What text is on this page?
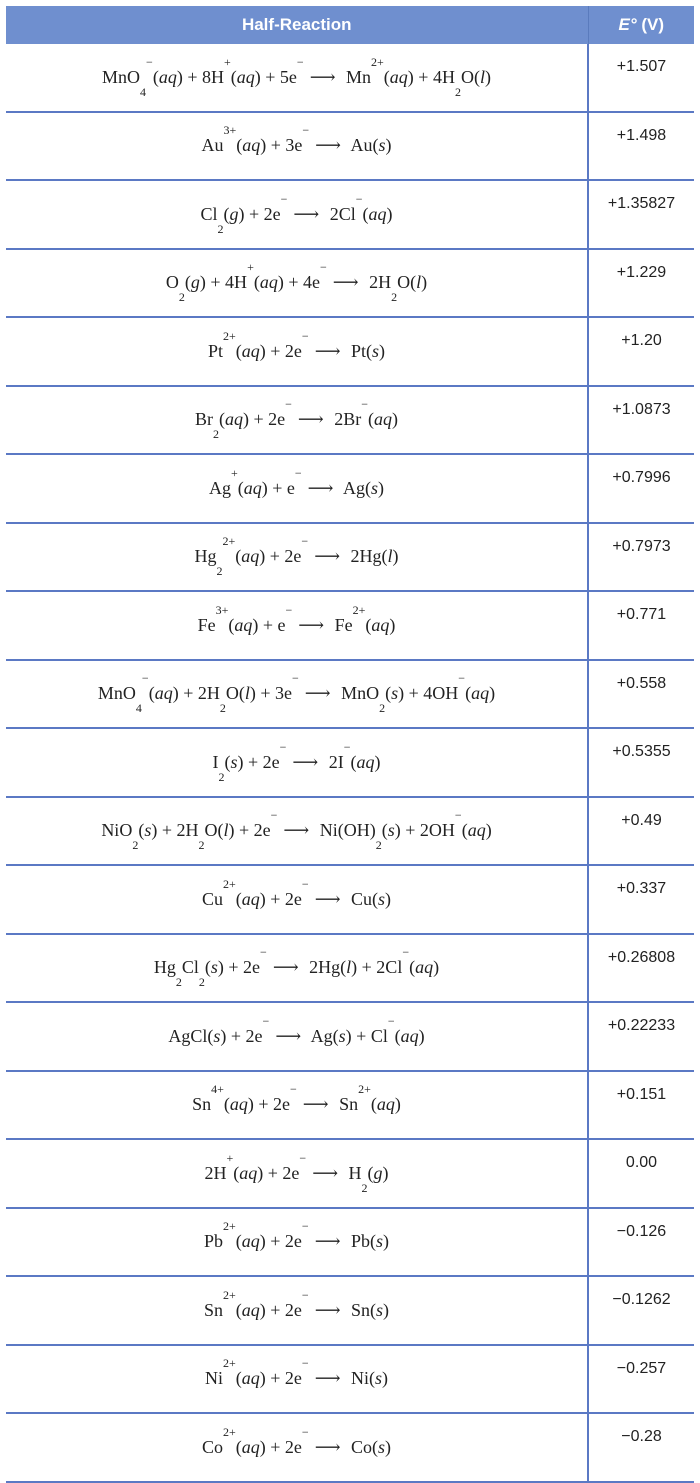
Half-Reaction	E° (V)
MnO$_4$−(aq) + 8H+(aq) + 5e−⟶ $Mn^{2+}(aq) + 4H_2O(l)$	+1.507
$Au^{3+}(aq)$ + 3e−⟶ Au(s)	+1.498
$Cl_2(g)$ + 2e−⟶ 2Cl−(aq)	+1.35827
$O_2(g) + 4H^+(aq)$ + 4e−⟶ $2H_2O(l)$	+1.229
$Pt^{2+}(aq)$ + 2e−⟶ Pt(s)	+1.20
$Br_2(aq)$ + 2e−⟶ 2Br−(aq)	+1.0873
Ag+(aq) + e−⟶ Ag(s)	+0.7996
$Hg_2^{2+}(aq)$ + 2e−⟶ 2Hg(l)	+0.7973
$Fe^{3+}(aq)$ + e−⟶ $Fe^{2+}(aq)$	+0.771
$MnO_4^-(aq) + 2H_2O(l)$ + 3e−⟶ MnO$_2$(s) + 4OH−(aq)	+0.558
$I_2(s)$ + 2e−⟶ 2I−(aq)	+0.5355
$NiO_2(s) + 2H_2O(l)$ + 2e−⟶ $Ni(OH)_2(s) + 2OH^-(aq)$	+0.49
$Cu^{2+}(aq)$ + 2e−⟶ Cu(s)	+0.337
$Hg_2Cl_2(s)$ + 2e−⟶ 2Hg(l) + 2Cl−(aq)	+0.26808
AgCl(s) + 2e−⟶ Ag(s) + Cl−(aq)	+0.22233
$Sn^{4+}(aq)$ + 2e−⟶ $Sn^{2+}(aq)$	+0.151
2H+(aq) + 2e−⟶ $H_2(g)$	0.00
$Pb^{2+}(aq)$ + 2e−⟶ Pb(s)	−0.126
$Sn^{2+}(aq)$ + 2e−⟶ Sn(s)	−0.1262
$Ni^{2+}(aq)$ + 2e−⟶ Ni(s)	−0.257
$Co^{2+}(aq)$ + 2e−⟶ Co(s)	−0.28
